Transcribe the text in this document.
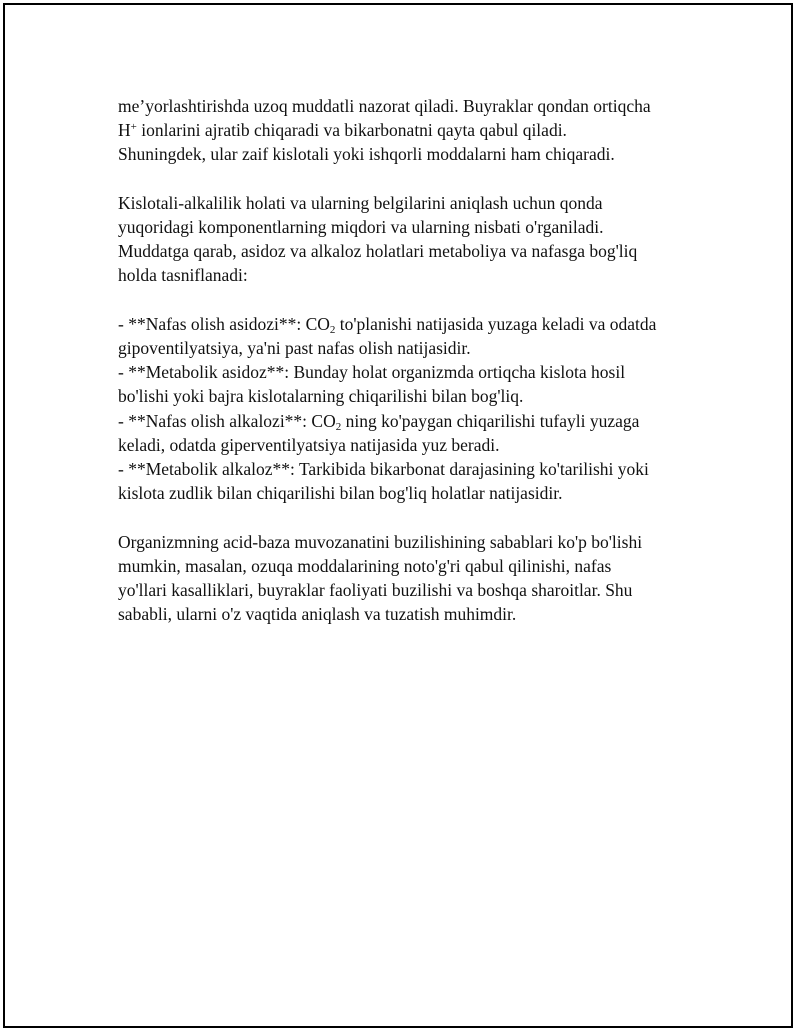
me’yorlashtirishda uzoq muddatli nazorat qiladi. Buyraklar qondan ortiqcha
H+ ionlarini ajratib chiqaradi va bikarbonatni qayta qabul qiladi.
Shuningdek, ular zaif kislotali yoki ishqorli moddalarni ham chiqaradi.
Kislotali-alkalilik holati va ularning belgilarini aniqlash uchun qonda
yuqoridagi komponentlarning miqdori va ularning nisbati o'rganiladi.
Muddatga qarab, asidoz va alkaloz holatlari metaboliya va nafasga bog'liq
holda tasniflanadi:
- **Nafas olish asidozi**: $CO_2$ to'planishi natijasida yuzaga keladi va odatda
gipoventilyatsiya, ya'ni past nafas olish natijasidir.
- **Metabolik asidoz**: Bunday holat organizmda ortiqcha kislota hosil
bo'lishi yoki bajra kislotalarning chiqarilishi bilan bog'liq.
- **Nafas olish alkalozi**: $CO_2$ ning ko'paygan chiqarilishi tufayli yuzaga
keladi, odatda giperventilyatsiya natijasida yuz beradi.
- **Metabolik alkaloz**: Tarkibida bikarbonat darajasining ko'tarilishi yoki
kislota zudlik bilan chiqarilishi bilan bog'liq holatlar natijasidir.
Organizmning acid-baza muvozanatini buzilishining sabablari ko'p bo'lishi
mumkin, masalan, ozuqa moddalarining noto'g'ri qabul qilinishi, nafas
yo'llari kasalliklari, buyraklar faoliyati buzilishi va boshqa sharoitlar. Shu
sababli, ularni o'z vaqtida aniqlash va tuzatish muhimdir.
